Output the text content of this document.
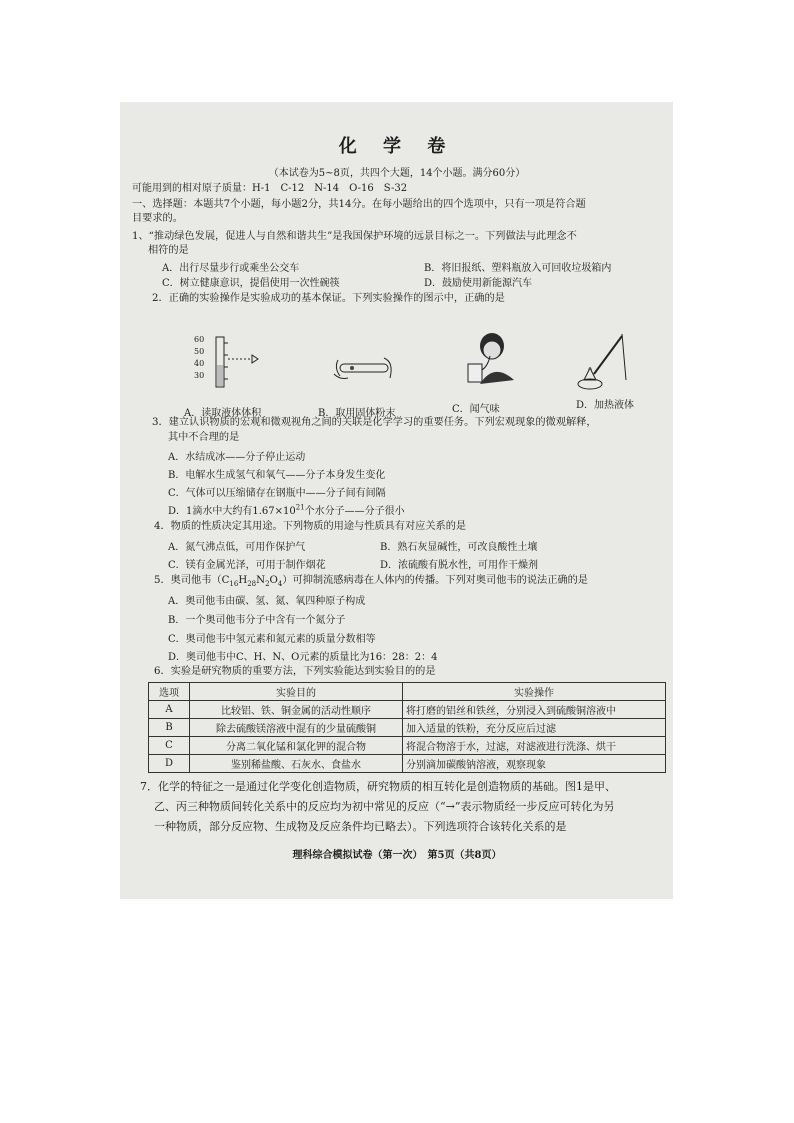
化 学 卷
（本试卷为5~8页，共四个大题，14个小题。满分60分）
可能用到的相对原子质量：H-1　C-12　N-14　O-16　S-32
一、选择题：本题共7个小题，每小题2分，共14分。在每小题给出的四个选项中，只有一项是符合题
目要求的。
1、“推动绿色发展，促进人与自然和谐共生”是我国保护环境的远景目标之一。下列做法与此理念不
相符的是
A．出行尽量步行或乘坐公交车	B．将旧报纸、塑料瓶放入可回收垃圾箱内
C．树立健康意识，提倡使用一次性碗筷	D．鼓励使用新能源汽车
2．正确的实验操作是实验成功的基本保证。下列实验操作的图示中，正确的是
60
50
40
30
A．读取液体体积	B．取用固体粉末	C．闻气味	D．加热液体
3．建立认识物质的宏观和微观视角之间的关联是化学学习的重要任务。下列宏观现象的微观解释，
其中不合理的是
A．水结成冰——分子停止运动
B．电解水生成氢气和氧气——分子本身发生变化
C．气体可以压缩储存在钢瓶中——分子间有间隔
D．1滴水中大约有$1.67\times 10^{21}$个水分子——分子很小
4．物质的性质决定其用途。下列物质的用途与性质具有对应关系的是
A．氮气沸点低，可用作保护气	B．熟石灰显碱性，可改良酸性土壤
C．镁有金属光泽，可用于制作烟花	D．浓硫酸有脱水性，可用作干燥剂
5．奥司他韦$(C_{16}H_{28}N_2O_4)$可抑制流感病毒在人体内的传播。下列对奥司他韦的说法正确的是
A．奥司他韦由碳、氢、氮、氧四种原子构成
B．一个奥司他韦分子中含有一个氮分子
C．奥司他韦中氢元素和氮元素的质量分数相等
D．奥司他韦中C、H、N、O元素的质量比为16：28：2：4
6．实验是研究物质的重要方法，下列实验能达到实验目的的是
选项	实验目的	实验操作
A	比较铝、铁、铜金属的活动性顺序	将打磨的铝丝和铁丝，分别浸入到硫酸铜溶液中
B	除去硫酸镁溶液中混有的少量硫酸铜	加入适量的铁粉，充分反应后过滤
C	分离二氧化锰和氯化钾的混合物	将混合物溶于水，过滤，对滤液进行洗涤、烘干
D	鉴别稀盐酸、石灰水、食盐水	分别滴加碳酸钠溶液，观察现象
7．化学的特征之一是通过化学变化创造物质，研究物质的相互转化是创造物质的基础。图1是甲、
乙、丙三种物质间转化关系中的反应均为初中常见的反应（“→”表示物质经一步反应可转化为另
一种物质，部分反应物、生成物及反应条件均已略去）。下列选项符合该转化关系的是
理科综合模拟试卷（第一次）　第5页（共8页）
